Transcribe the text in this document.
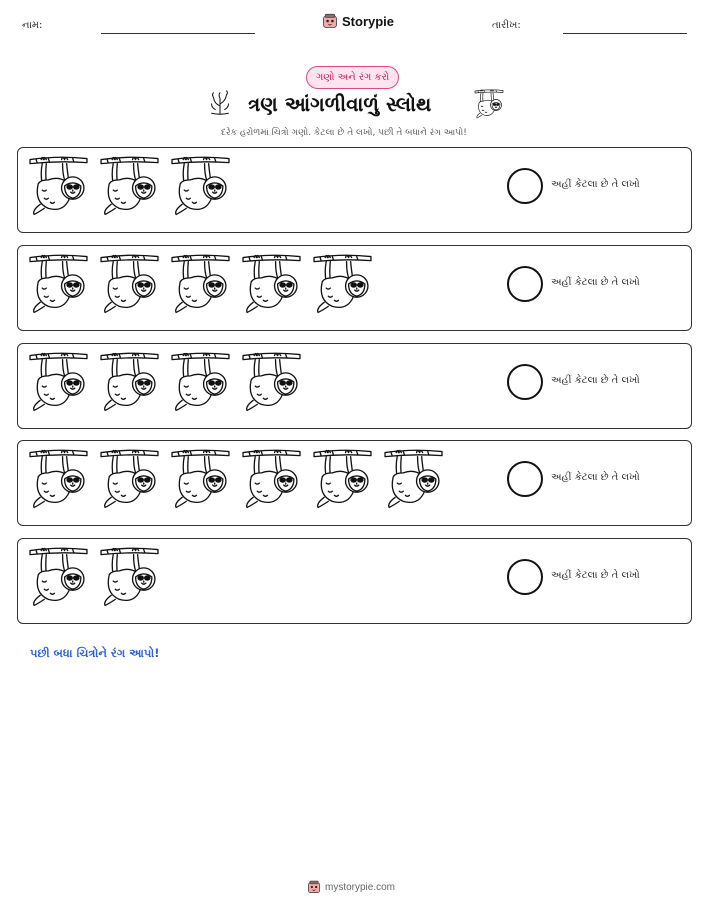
નામ:	Storypie	તારીખ:
ગણો અને રંગ કરો
ત્રણ આંગળીવાળું સ્લોથ
દરેક હરોળમાં ચિત્રો ગણો. કેટલા છે તે લખો, પછી તે બધાને રંગ આપો!
અહીં કેટલા છે તે લખો
અહીં કેટલા છે તે લખો
અહીં કેટલા છે તે લખો
અહીં કેટલા છે તે લખો
અહીં કેટલા છે તે લખો
પછી બધા ચિત્રોને રંગ આપો!
mystorypie.com
